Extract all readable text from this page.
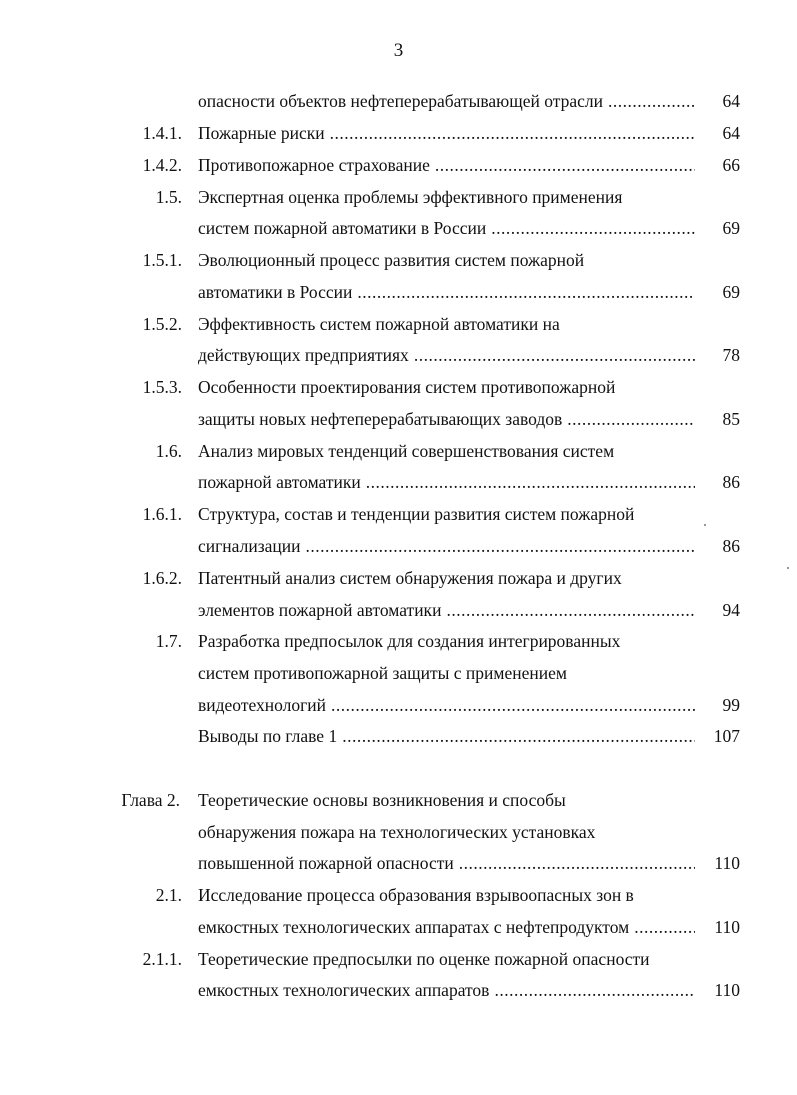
3
опасности объектов нефтеперерабатывающей отрасли .....	64
1.4.1. Пожарные риски .....	64
1.4.2. Противопожарное страхование .....	66
1.5. Экспертная оценка проблемы эффективного применения
систем пожарной автоматики в России .....	69
1.5.1. Эволюционный процесс развития систем пожарной
автоматики в России .....	69
1.5.2. Эффективность систем пожарной автоматики на
действующих предприятиях .....	78
1.5.3. Особенности проектирования систем противопожарной
защиты новых нефтеперерабатывающих заводов .....	85
1.6. Анализ мировых тенденций совершенствования систем
пожарной автоматики .....	86
1.6.1. Структура, состав и тенденции развития систем пожарной
сигнализации .....	86
1.6.2. Патентный анализ систем обнаружения пожара и других
элементов пожарной автоматики .....	94
1.7. Разработка предпосылок для создания интегрированных
систем противопожарной защиты с применением
видеотехнологий .....	99
Выводы по главе 1 .....	107
Глава 2. Теоретические основы возникновения и способы
обнаружения пожара на технологических установках
повышенной пожарной опасности .....	110
2.1. Исследование процесса образования взрывоопасных зон в
емкостных технологических аппаратах с нефтепродуктом .....	110
2.1.1. Теоретические предпосылки по оценке пожарной опасности
емкостных технологических аппаратов .....	110
